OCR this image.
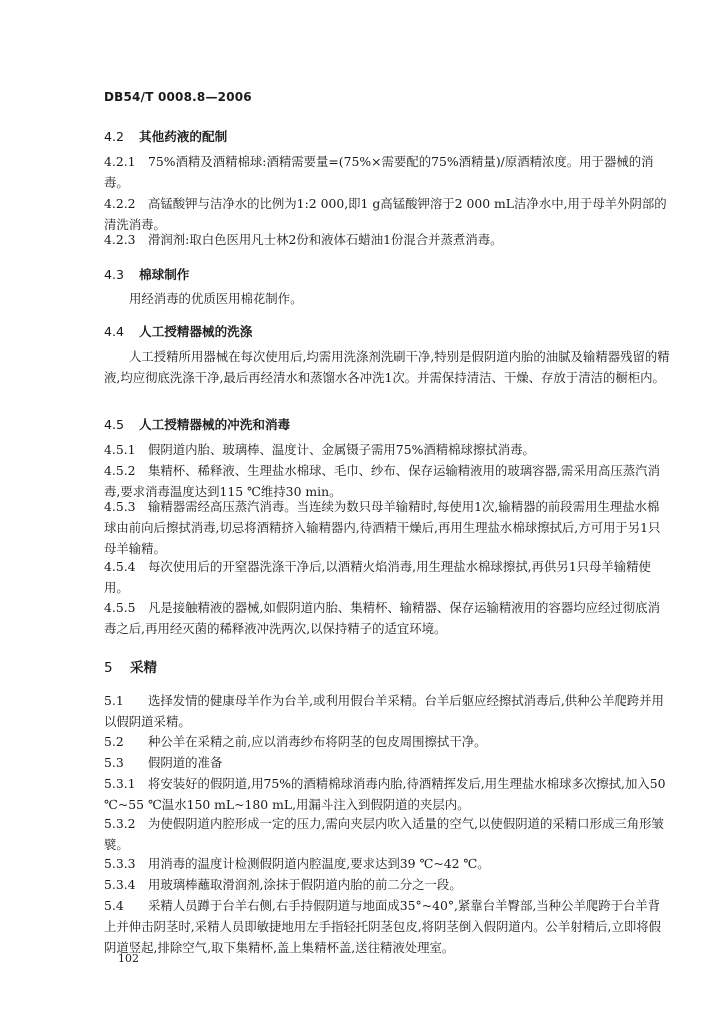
DB54/T 0008.8—2006
4.2 其他药液的配制
4.2.1 75%酒精及酒精棉球:酒精需要量=(75%×需要配的75%酒精量)/原酒精浓度。用于器械的消毒。
4.2.2 高锰酸钾与洁净水的比例为1:2 000,即1 g高锰酸钾溶于2 000 mL洁净水中,用于母羊外阴部的清洗消毒。
4.2.3 滑润剂:取白色医用凡士林2份和液体石蜡油1份混合并蒸煮消毒。
4.3 棉球制作
用经消毒的优质医用棉花制作。
4.4 人工授精器械的洗涤
人工授精所用器械在每次使用后,均需用洗涤剂洗刷干净,特别是假阴道内胎的油腻及输精器残留的精液,均应彻底洗涤干净,最后再经清水和蒸馏水各冲洗1次。并需保持清洁、干燥、存放于清洁的橱柜内。
4.5 人工授精器械的冲洗和消毒
4.5.1 假阴道内胎、玻璃棒、温度计、金属镊子需用75%酒精棉球擦拭消毒。
4.5.2 集精杯、稀释液、生理盐水棉球、毛巾、纱布、保存运输精液用的玻璃容器,需采用高压蒸汽消毒,要求消毒温度达到115 ℃维持30 min。
4.5.3 输精器需经高压蒸汽消毒。当连续为数只母羊输精时,每使用1次,输精器的前段需用生理盐水棉球由前向后擦拭消毒,切忌将酒精挤入输精器内,待酒精干燥后,再用生理盐水棉球擦拭后,方可用于另1只母羊输精。
4.5.4 每次使用后的开窒器洗涤干净后,以酒精火焰消毒,用生理盐水棉球擦拭,再供另1只母羊输精使用。
4.5.5 凡是接触精液的器械,如假阴道内胎、集精杯、输精器、保存运输精液用的容器均应经过彻底消毒之后,再用经灭菌的稀释液冲洗两次,以保持精子的适宜环境。
5 采精
5.1 选择发情的健康母羊作为台羊,或利用假台羊采精。台羊后躯应经擦拭消毒后,供种公羊爬跨并用以假阴道采精。
5.2 种公羊在采精之前,应以消毒纱布将阴茎的包皮周围擦拭干净。
5.3 假阴道的准备
5.3.1 将安装好的假阴道,用75%的酒精棉球消毒内胎,待酒精挥发后,用生理盐水棉球多次擦拭,加入50 ℃~55 ℃温水150 mL~180 mL,用漏斗注入到假阴道的夹层内。
5.3.2 为使假阴道内腔形成一定的压力,需向夹层内吹入适量的空气,以使假阴道的采精口形成三角形皱襞。
5.3.3 用消毒的温度计检测假阴道内腔温度,要求达到39 ℃~42 ℃。
5.3.4 用玻璃棒蘸取滑润剂,涂抹于假阴道内胎的前二分之一段。
5.4 采精人员蹲于台羊右侧,右手持假阴道与地面成35°~40°,紧靠台羊臀部,当种公羊爬跨于台羊背上并伸击阴茎时,采精人员即敏捷地用左手指轻托阴茎包皮,将阴茎倒入假阴道内。公羊射精后,立即将假阴道竖起,排除空气,取下集精杯,盖上集精杯盖,送往精液处理室。
102
